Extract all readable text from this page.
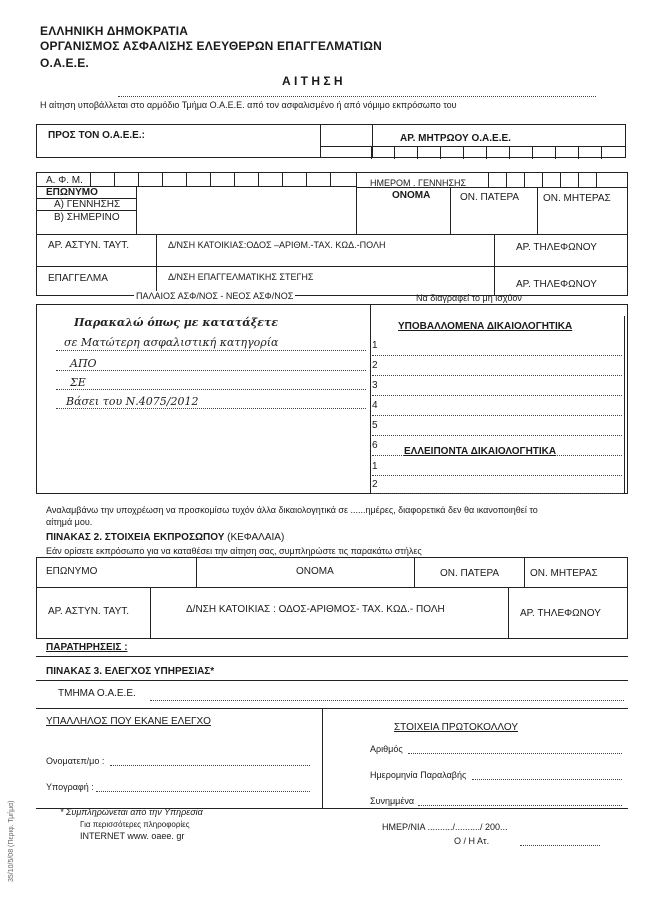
ΕΛΛΗΝΙΚΗ ΔΗΜΟΚΡΑΤΙΑ
ΟΡΓΑΝΙΣΜΟΣ ΑΣΦΑΛΙΣΗΣ ΕΛΕΥΘΕΡΩΝ ΕΠΑΓΓΕΛΜΑΤΙΩΝ
Ο.Α.Ε.Ε.
Α Ι Τ Η Σ Η
Η αίτηση υποβάλλεται στο αρμόδιο Τμήμα Ο.Α.Ε.Ε. από τον ασφαλισμένο ή από νόμιμο εκπρόσωπο του
ΠΡΟΣ ΤΟΝ Ο.Α.Ε.Ε.:	ΑΡ. ΜΗΤΡΩΟΥ Ο.Α.Ε.Ε.
Α. Φ. Μ.	ΗΜΕΡΟΜ . ΓΕΝΝΗΣΗΣ
ΕΠΩΝΥΜΟ
Α) ΓΕΝΝΗΣΗΣ
Β) ΣΗΜΕΡΙΝΟ
ΟΝΟΜΑ	ΟΝ. ΠΑΤΕΡΑ ΟΝ. ΜΗΤΕΡΑΣ
ΑΡ. ΑΣΤΥΝ. ΤΑΥΤ.	Δ/ΝΣΗ ΚΑΤΟΙΚΙΑΣ:ΟΔΟΣ –ΑΡΙΘΜ.-ΤΑΧ. ΚΩΔ.-ΠΟΛΗ	ΑΡ. ΤΗΛΕΦΩΝΟΥ
ΕΠΑΓΓΕΛΜΑ	Δ/ΝΣΗ ΕΠΑΓΓΕΛΜΑΤΙΚΗΣ ΣΤΕΓΗΣ
ΑΡ. ΤΗΛΕΦΩΝΟΥ
ΠΑΛΑΙΟΣ ΑΣΦ/ΝΟΣ - ΝΕΟΣ ΑΣΦ/ΝΟΣ	Να διαγραφεί το μη ισχύον
Παρακαλώ όπως με κατατάξετε
σε Ματώτερη ασφαλιστική κατηγορία
ΑΠΟ
ΣΕ
Βάσει του Ν.4075/2012
ΥΠΟΒΑΛΛΟΜΕΝΑ ΔΙΚΑΙΟΛΟΓΗΤΙΚΑ
1
2
3
4
5
6
ΕΛΛΕΙΠΟΝΤΑ ΔΙΚΑΙΟΛΟΓΗΤΙΚΑ
1
2
Αναλαμβάνω την υποχρέωση να προσκομίσω τυχόν άλλα δικαιολογητικά σε ......ημέρες, διαφορετικά δεν θα ικανοποιηθεί το
αίτημά μου.
ΠΙΝΑΚΑΣ 2. ΣΤΟΙΧΕΙΑ ΕΚΠΡΟΣΩΠΟΥ (ΚΕΦΑΛΑΙΑ)
Εάν ορίσετε εκπρόσωπο για να καταθέσει την αίτηση σας, συμπληρώστε τις παρακάτω στήλες
ΕΠΩΝΥΜΟ	ΟΝΟΜΑ	ΟΝ. ΠΑΤΕΡΑ	ΟΝ. ΜΗΤΕΡΑΣ
ΑΡ. ΑΣΤΥΝ. ΤΑΥΤ.	Δ/ΝΣΗ ΚΑΤΟΙΚΙΑΣ : ΟΔΟΣ-ΑΡΙΘΜΟΣ- ΤΑΧ. ΚΩΔ.- ΠΟΛΗ	ΑΡ. ΤΗΛΕΦΩΝΟΥ
ΠΑΡΑΤΗΡΗΣΕΙΣ :
ΠΙΝΑΚΑΣ 3. ΕΛΕΓΧΟΣ ΥΠΗΡΕΣΙΑΣ*
ΤΜΗΜΑ Ο.Α.Ε.Ε.
ΥΠΑΛΛΗΛΟΣ ΠΟΥ ΕΚΑΝΕ ΕΛΕΓΧΟ
ΣΤΟΙΧΕΙΑ ΠΡΩΤΟΚΟΛΛΟΥ
Ονοματεπ/μο :
Υπογραφή :
Αριθμός
Ημερομηνία Παραλαβής
Συνημμένα
* Συμπληρώνεται από την Υπηρεσία
Για περισσότερες πληροφορίες
INTERNET www. oaee. gr
ΗΜΕΡ/ΝΙΑ ........../........../ 200...
Ο / Η Ατ.
35/10/5/08 (Περιφ. Τμήμα)
